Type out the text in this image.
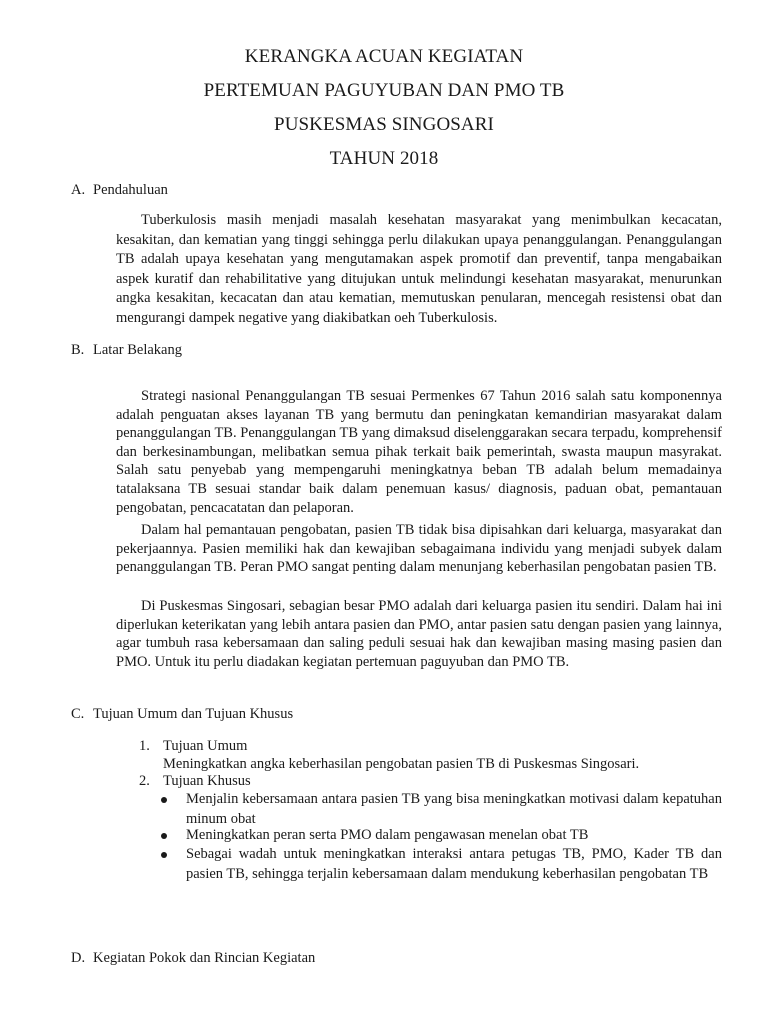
KERANGKA ACUAN KEGIATAN
PERTEMUAN PAGUYUBAN DAN PMO TB
PUSKESMAS SINGOSARI
TAHUN 2018
A. Pendahuluan
Tuberkulosis masih menjadi masalah kesehatan masyarakat yang menimbulkan kecacatan, kesakitan, dan kematian yang tinggi sehingga perlu dilakukan upaya penanggulangan. Penanggulangan TB adalah upaya kesehatan yang mengutamakan aspek promotif dan preventif, tanpa mengabaikan aspek kuratif dan rehabilitative yang ditujukan untuk melindungi kesehatan masyarakat, menurunkan angka kesakitan, kecacatan dan atau kematian, memutuskan penularan, mencegah resistensi obat dan mengurangi dampek negative yang diakibatkan oeh Tuberkulosis.
B. Latar Belakang
Strategi nasional Penanggulangan TB sesuai Permenkes 67 Tahun 2016 salah satu komponennya adalah penguatan akses layanan TB yang bermutu dan peningkatan kemandirian masyarakat dalam penanggulangan TB. Penanggulangan TB yang dimaksud diselenggarakan secara terpadu, komprehensif dan berkesinambungan, melibatkan semua pihak terkait baik pemerintah, swasta maupun masyrakat. Salah satu penyebab yang mempengaruhi meningkatnya beban TB adalah belum memadainya tatalaksana TB sesuai standar baik dalam penemuan kasus/ diagnosis, paduan obat, pemantauan pengobatan, pencacatatan dan pelaporan.
Dalam hal pemantauan pengobatan, pasien TB tidak bisa dipisahkan dari keluarga, masyarakat dan pekerjaannya. Pasien memiliki hak dan kewajiban sebagaimana individu yang menjadi subyek dalam penanggulangan TB. Peran PMO sangat penting dalam menunjang keberhasilan pengobatan pasien TB.
Di Puskesmas Singosari, sebagian besar PMO adalah dari keluarga pasien itu sendiri. Dalam hai ini diperlukan keterikatan yang lebih antara pasien dan PMO, antar pasien satu dengan pasien yang lainnya, agar tumbuh rasa kebersamaan dan saling peduli sesuai hak dan kewajiban masing masing pasien dan PMO. Untuk itu perlu diadakan kegiatan pertemuan paguyuban dan PMO TB.
C. Tujuan Umum dan Tujuan Khusus
1. Tujuan Umum
Meningkatkan angka keberhasilan pengobatan pasien TB di Puskesmas Singosari.
2. Tujuan Khusus
Menjalin kebersamaan antara pasien TB yang bisa meningkatkan motivasi dalam kepatuhan minum obat
Meningkatkan peran serta PMO dalam pengawasan menelan obat TB
Sebagai wadah untuk meningkatkan interaksi antara petugas TB, PMO, Kader TB dan pasien TB, sehingga terjalin kebersamaan dalam mendukung keberhasilan pengobatan TB
D. Kegiatan Pokok dan Rincian Kegiatan
